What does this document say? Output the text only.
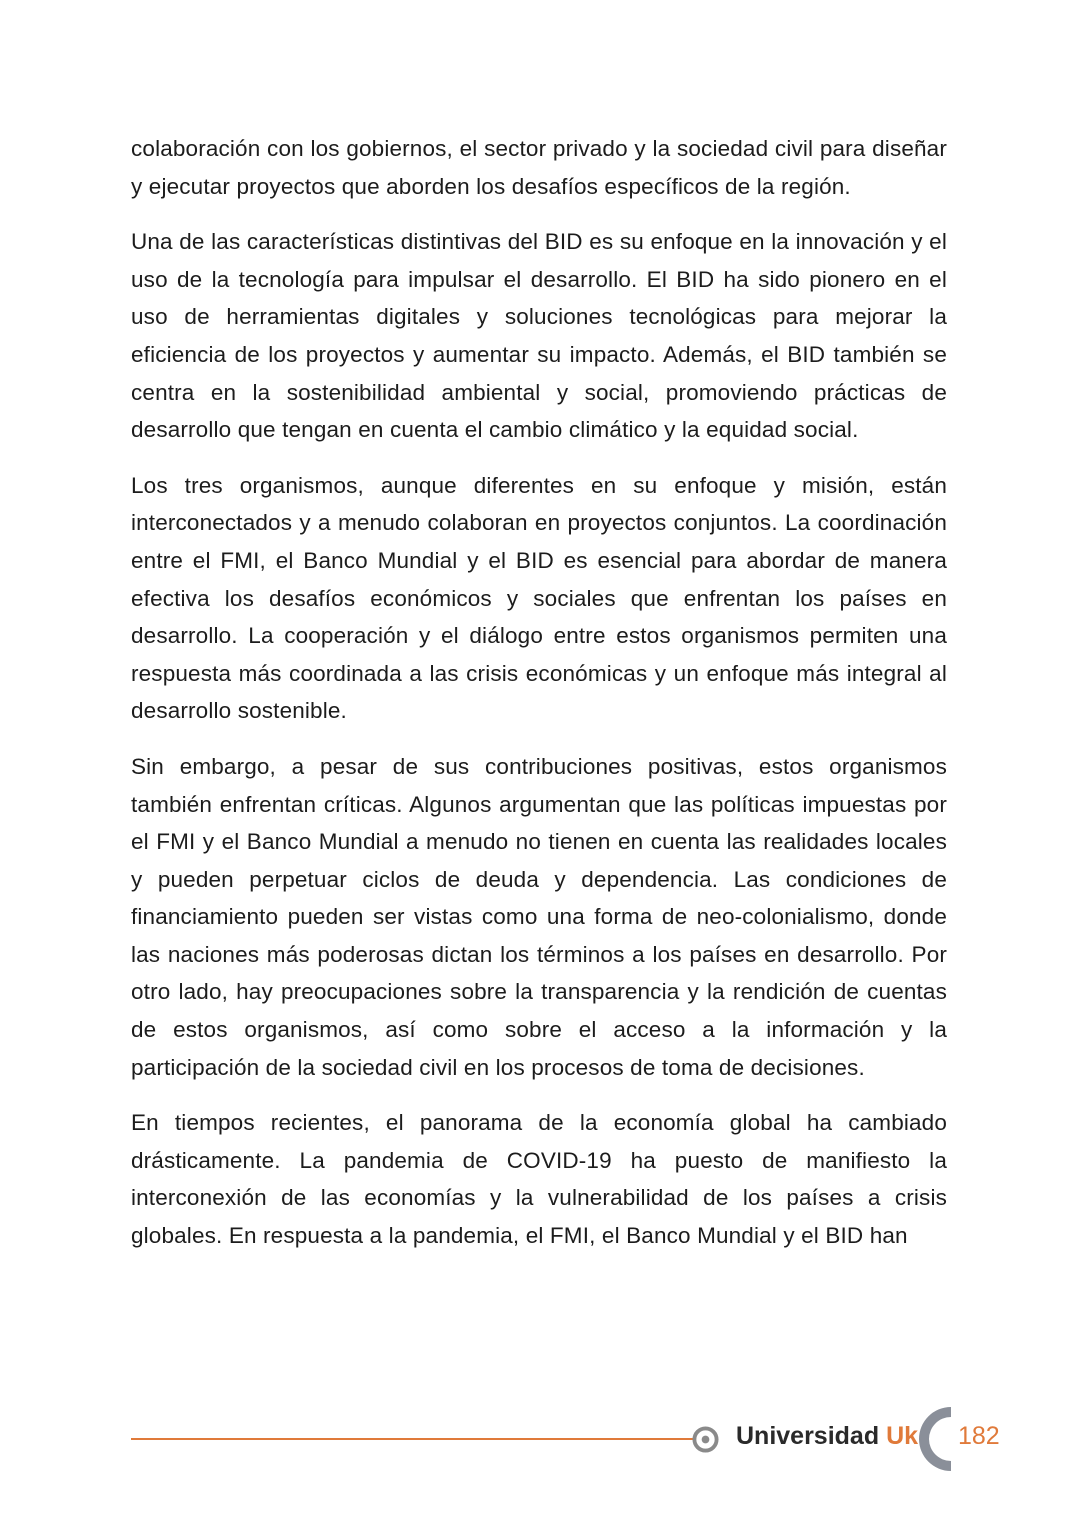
colaboración con los gobiernos, el sector privado y la sociedad civil para diseñar y ejecutar proyectos que aborden los desafíos específicos de la región.

Una de las características distintivas del BID es su enfoque en la innovación y el uso de la tecnología para impulsar el desarrollo. El BID ha sido pionero en el uso de herramientas digitales y soluciones tecnológicas para mejorar la eficiencia de los proyectos y aumentar su impacto. Además, el BID también se centra en la sostenibilidad ambiental y social, promoviendo prácticas de desarrollo que tengan en cuenta el cambio climático y la equidad social.

Los tres organismos, aunque diferentes en su enfoque y misión, están interconectados y a menudo colaboran en proyectos conjuntos. La coordinación entre el FMI, el Banco Mundial y el BID es esencial para abordar de manera efectiva los desafíos económicos y sociales que enfrentan los países en desarrollo. La cooperación y el diálogo entre estos organismos permiten una respuesta más coordinada a las crisis económicas y un enfoque más integral al desarrollo sostenible.

Sin embargo, a pesar de sus contribuciones positivas, estos organismos también enfrentan críticas. Algunos argumentan que las políticas impuestas por el FMI y el Banco Mundial a menudo no tienen en cuenta las realidades locales y pueden perpetuar ciclos de deuda y dependencia. Las condiciones de financiamiento pueden ser vistas como una forma de neo-colonialismo, donde las naciones más poderosas dictan los términos a los países en desarrollo. Por otro lado, hay preocupaciones sobre la transparencia y la rendición de cuentas de estos organismos, así como sobre el acceso a la información y la participación de la sociedad civil en los procesos de toma de decisiones.

En tiempos recientes, el panorama de la economía global ha cambiado drásticamente. La pandemia de COVID-19 ha puesto de manifiesto la interconexión de las economías y la vulnerabilidad de los países a crisis globales. En respuesta a la pandemia, el FMI, el Banco Mundial y el BID han

Universidad Uk 182
